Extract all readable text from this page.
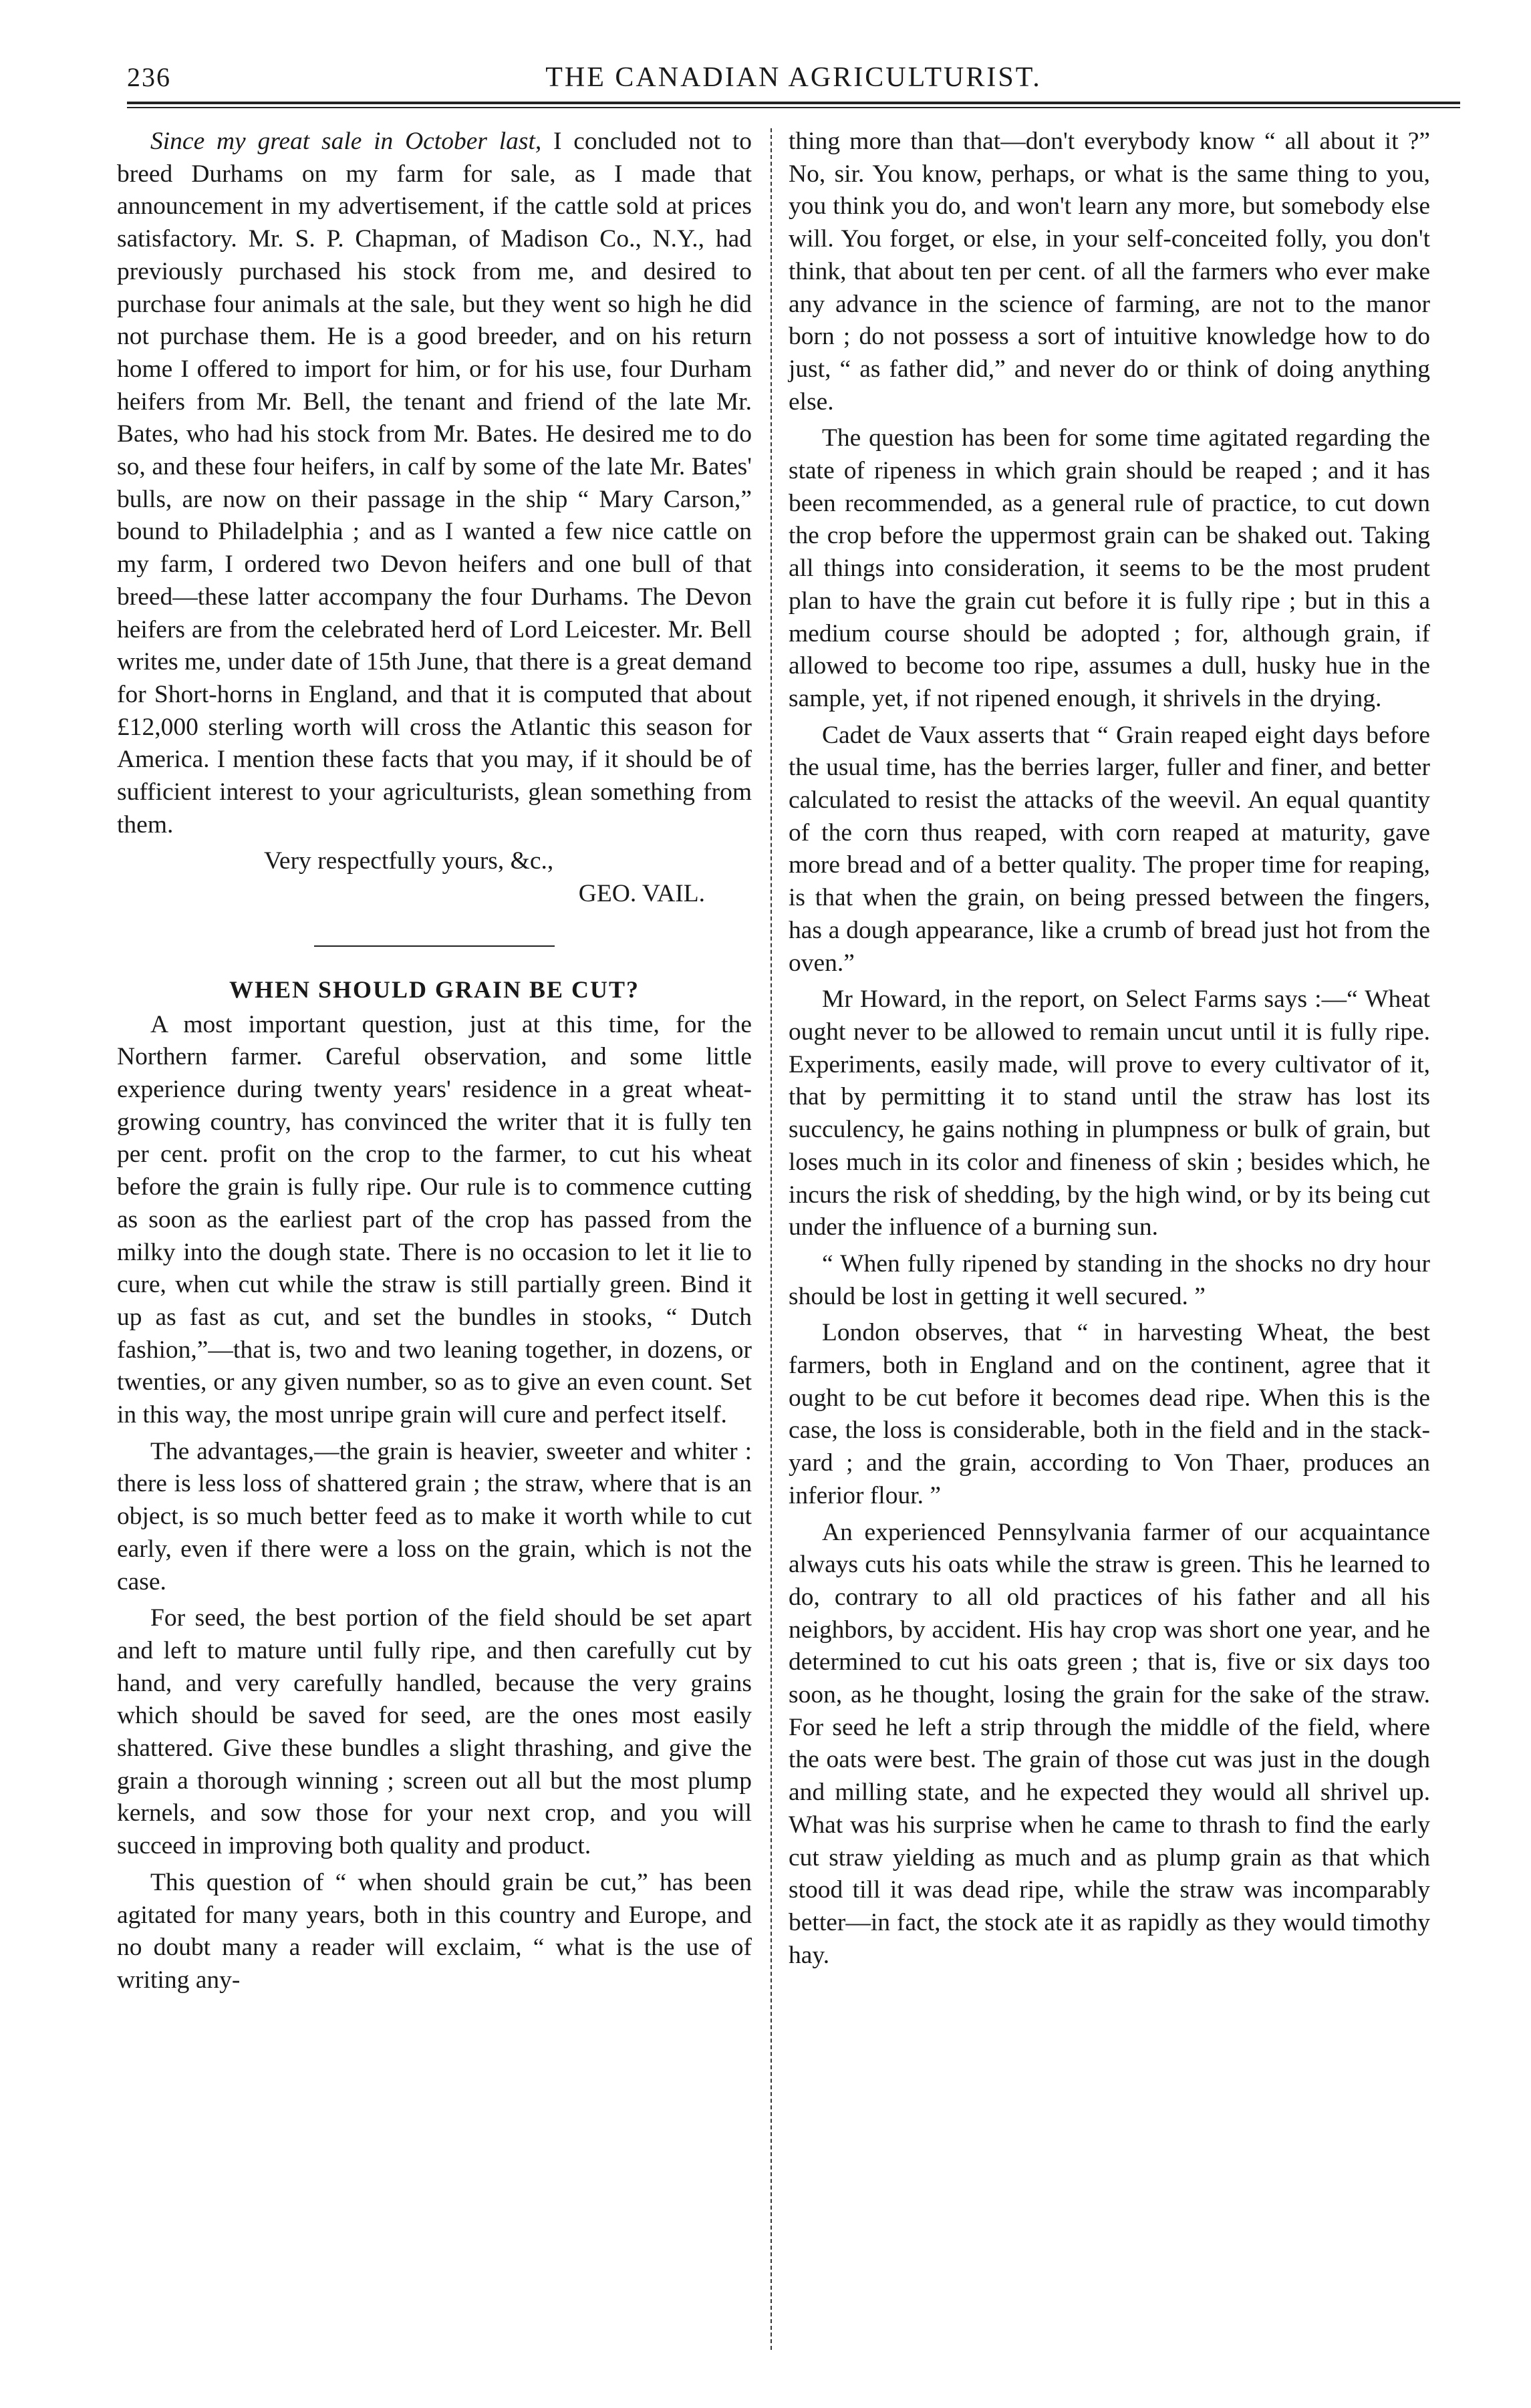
236	THE CANADIAN AGRICULTURIST.

Since my great sale in October last, I concluded not to breed Durhams on my farm for sale, as I made that announcement in my advertisement, if the cattle sold at prices satisfactory. Mr. S. P. Chapman, of Madison Co., N.Y., had previously purchased his stock from me, and desired to purchase four animals at the sale, but they went so high he did not purchase them. He is a good breeder, and on his return home I offered to import for him, or for his use, four Durham heifers from Mr. Bell, the tenant and friend of the late Mr. Bates, who had his stock from Mr. Bates. He desired me to do so, and these four heifers, in calf by some of the late Mr. Bates' bulls, are now on their passage in the ship “ Mary Carson,” bound to Philadelphia ; and as I wanted a few nice cattle on my farm, I ordered two Devon heifers and one bull of that breed—these latter accompany the four Durhams. The Devon heifers are from the celebrated herd of Lord Leicester. Mr. Bell writes me, under date of 15th June, that there is a great demand for Short-horns in England, and that it is computed that about £12,000 sterling worth will cross the Atlantic this season for America. I mention these facts that you may, if it should be of sufficient interest to your agriculturists, glean something from them.

Very respectfully yours, &c.,
GEO. VAIL.

WHEN SHOULD GRAIN BE CUT?

A most important question, just at this time, for the Northern farmer. Careful observation, and some little experience during twenty years' residence in a great wheat-growing country, has convinced the writer that it is fully ten per cent. profit on the crop to the farmer, to cut his wheat before the grain is fully ripe. Our rule is to commence cutting as soon as the earliest part of the crop has passed from the milky into the dough state. There is no occasion to let it lie to cure, when cut while the straw is still partially green. Bind it up as fast as cut, and set the bundles in stooks, “ Dutch fashion,”—that is, two and two leaning together, in dozens, or twenties, or any given number, so as to give an even count. Set in this way, the most unripe grain will cure and perfect itself.

The advantages,—the grain is heavier, sweeter and whiter : there is less loss of shattered grain ; the straw, where that is an object, is so much better feed as to make it worth while to cut early, even if there were a loss on the grain, which is not the case.

For seed, the best portion of the field should be set apart and left to mature until fully ripe, and then carefully cut by hand, and very carefully handled, because the very grains which should be saved for seed, are the ones most easily shattered. Give these bundles a slight thrashing, and give the grain a thorough winning ; screen out all but the most plump kernels, and sow those for your next crop, and you will succeed in improving both quality and product.

This question of “ when should grain be cut,” has been agitated for many years, both in this country and Europe, and no doubt many a reader will exclaim, “ what is the use of writing any-

thing more than that—don't everybody know “ all about it ?” No, sir. You know, perhaps, or what is the same thing to you, you think you do, and won't learn any more, but somebody else will. You forget, or else, in your self-conceited folly, you don't think, that about ten per cent. of all the farmers who ever make any advance in the science of farming, are not to the manor born ; do not possess a sort of intuitive knowledge how to do just, “ as father did,” and never do or think of doing anything else.

The question has been for some time agitated regarding the state of ripeness in which grain should be reaped ; and it has been recommended, as a general rule of practice, to cut down the crop before the uppermost grain can be shaked out. Taking all things into consideration, it seems to be the most prudent plan to have the grain cut before it is fully ripe ; but in this a medium course should be adopted ; for, although grain, if allowed to become too ripe, assumes a dull, husky hue in the sample, yet, if not ripened enough, it shrivels in the drying.

Cadet de Vaux asserts that “ Grain reaped eight days before the usual time, has the berries larger, fuller and finer, and better calculated to resist the attacks of the weevil. An equal quantity of the corn thus reaped, with corn reaped at maturity, gave more bread and of a better quality. The proper time for reaping, is that when the grain, on being pressed between the fingers, has a dough appearance, like a crumb of bread just hot from the oven.”

Mr Howard, in the report, on Select Farms says :—“ Wheat ought never to be allowed to remain uncut until it is fully ripe. Experiments, easily made, will prove to every cultivator of it, that by permitting it to stand until the straw has lost its succulency, he gains nothing in plumpness or bulk of grain, but loses much in its color and fineness of skin ; besides which, he incurs the risk of shedding, by the high wind, or by its being cut under the influence of a burning sun.

“ When fully ripened by standing in the shocks no dry hour should be lost in getting it well secured. ”

London observes, that “ in harvesting Wheat, the best farmers, both in England and on the continent, agree that it ought to be cut before it becomes dead ripe. When this is the case, the loss is considerable, both in the field and in the stack-yard ; and the grain, according to Von Thaer, produces an inferior flour. ”

An experienced Pennsylvania farmer of our acquaintance always cuts his oats while the straw is green. This he learned to do, contrary to all old practices of his father and all his neighbors, by accident. His hay crop was short one year, and he determined to cut his oats green ; that is, five or six days too soon, as he thought, losing the grain for the sake of the straw. For seed he left a strip through the middle of the field, where the oats were best. The grain of those cut was just in the dough and milling state, and he expected they would all shrivel up. What was his surprise when he came to thrash to find the early cut straw yielding as much and as plump grain as that which stood till it was dead ripe, while the straw was incomparably better—in fact, the stock ate it as rapidly as they would timothy hay.
